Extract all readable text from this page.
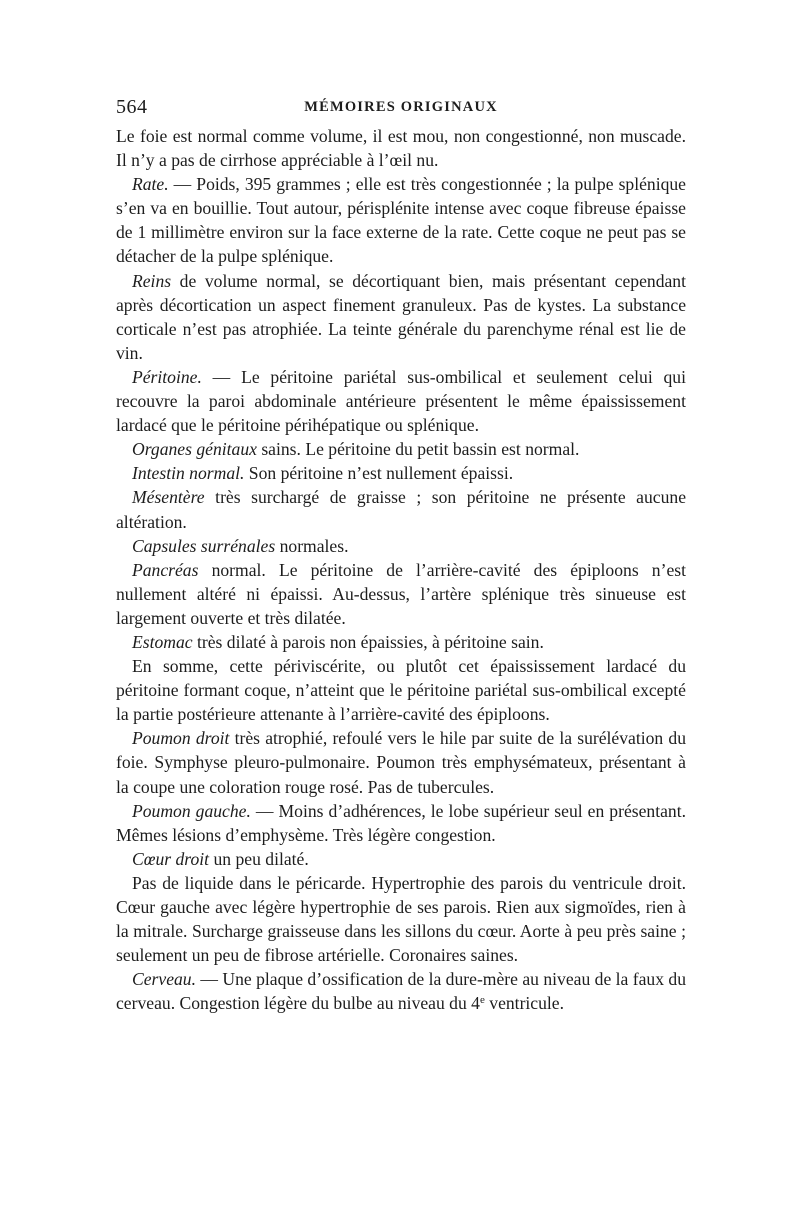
564	MÉMOIRES ORIGINAUX

Le foie est normal comme volume, il est mou, non congestionné, non muscade. Il n’y a pas de cirrhose appréciable à l’œil nu.

Rate. — Poids, 395 grammes ; elle est très congestionnée ; la pulpe splénique s’en va en bouillie. Tout autour, périsplénite intense avec coque fibreuse épaisse de 1 millimètre environ sur la face externe de la rate. Cette coque ne peut pas se détacher de la pulpe splénique.

Reins de volume normal, se décortiquant bien, mais présentant cependant après décortication un aspect finement granuleux. Pas de kystes. La substance corticale n’est pas atrophiée. La teinte générale du parenchyme rénal est lie de vin.

Péritoine. — Le péritoine pariétal sus-ombilical et seulement celui qui recouvre la paroi abdominale antérieure présentent le même épaississement lardacé que le péritoine périhépatique ou splénique.

Organes génitaux sains. Le péritoine du petit bassin est normal.

Intestin normal. Son péritoine n’est nullement épaissi.

Mésentère très surchargé de graisse ; son péritoine ne présente aucune altération.

Capsules surrénales normales.

Pancréas normal. Le péritoine de l’arrière-cavité des épiploons n’est nullement altéré ni épaissi. Au-dessus, l’artère splénique très sinueuse est largement ouverte et très dilatée.

Estomac très dilaté à parois non épaissies, à péritoine sain.

En somme, cette périviscérite, ou plutôt cet épaississement lardacé du péritoine formant coque, n’atteint que le péritoine pariétal sus-ombilical excepté la partie postérieure attenante à l’arrière-cavité des épiploons.

Poumon droit très atrophié, refoulé vers le hile par suite de la surélévation du foie. Symphyse pleuro-pulmonaire. Poumon très emphysémateux, présentant à la coupe une coloration rouge rosé. Pas de tubercules.

Poumon gauche. — Moins d’adhérences, le lobe supérieur seul en présentant. Mêmes lésions d’emphysème. Très légère congestion.

Cœur droit un peu dilaté.

Pas de liquide dans le péricarde. Hypertrophie des parois du ventricule droit. Cœur gauche avec légère hypertrophie de ses parois. Rien aux sigmoïdes, rien à la mitrale. Surcharge graisseuse dans les sillons du cœur. Aorte à peu près saine ; seulement un peu de fibrose artérielle. Coronaires saines.

Cerveau. — Une plaque d’ossification de la dure-mère au niveau de la faux du cerveau. Congestion légère du bulbe au niveau du 4e ventricule.
